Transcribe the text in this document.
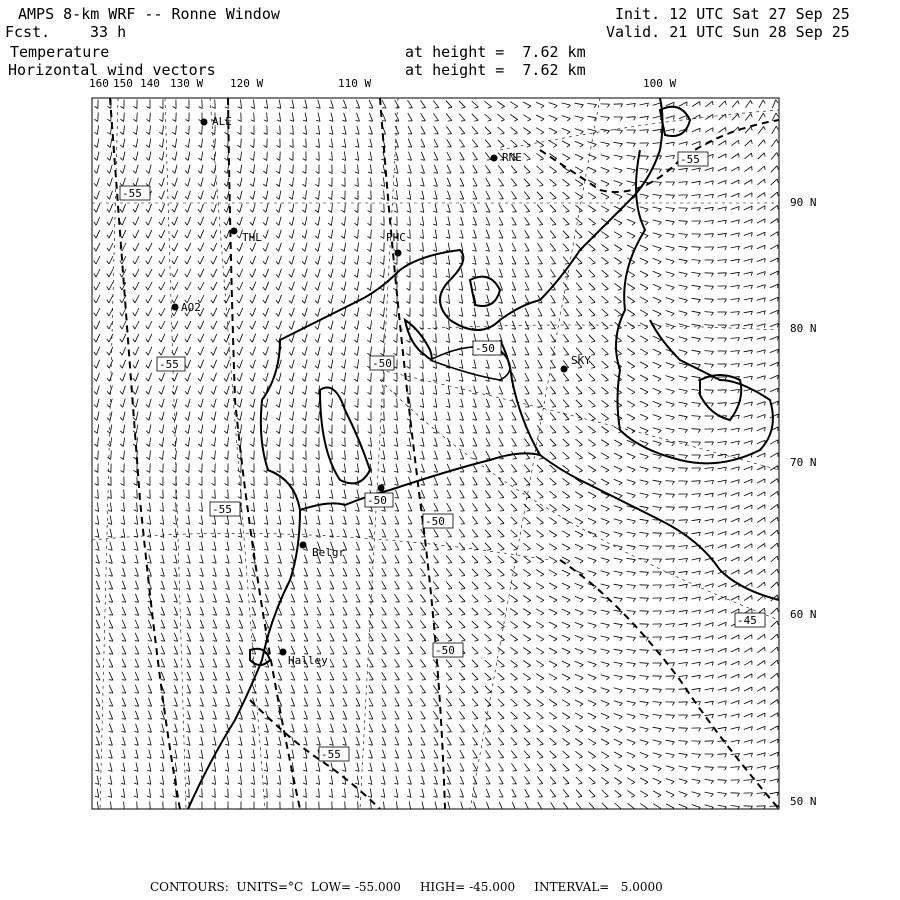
AMPS 8-km WRF -- Ronne Window
Fcst.	33 h
Init. 12 UTC Sat 27 Sep 25
Valid. 21 UTC Sun 28 Sep 25
Temperature
Horizontal wind vectors
at height =  7.62 km
at height =  7.62 km
160 150 140 130 W 120 W	110 W	100 W
90 N
80 N
70 N
60 N
50 N
-55
-55
-55
-50
-50
-50
-55
-50
-45
-50
-55
ALE
RNE
THL	PHC
AO2
SKY
Belgr
Halley
CONTOURS:  UNITS=°C  LOW= -55.000     HIGH= -45.000     INTERVAL=   5.0000
